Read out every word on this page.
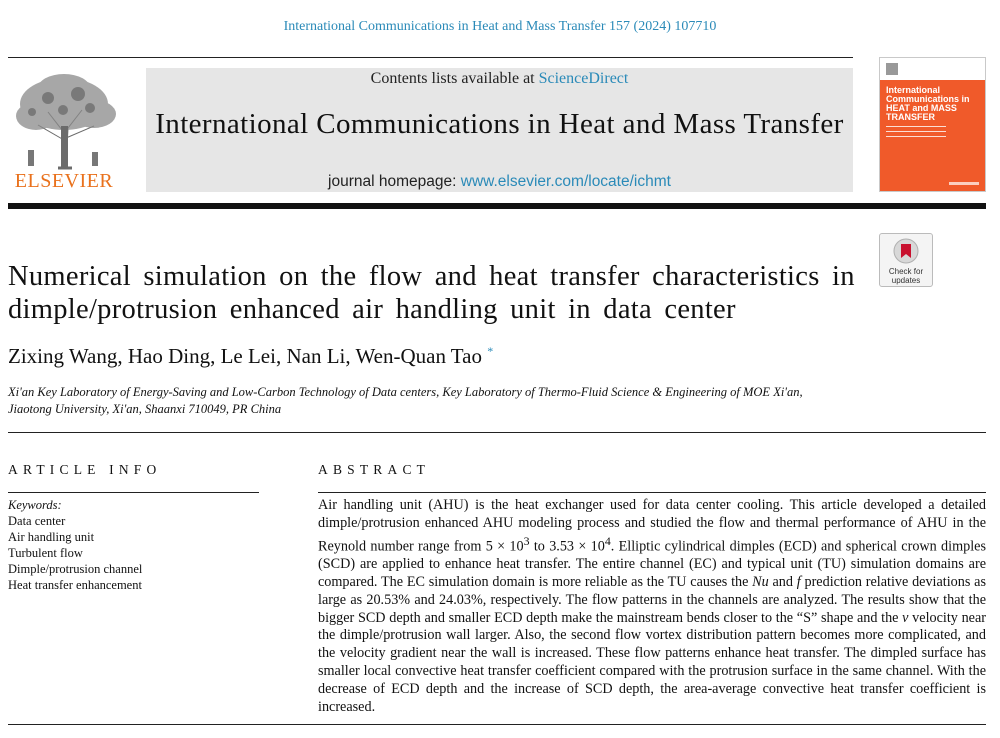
International Communications in Heat and Mass Transfer 157 (2024) 107710
ELSEVIER
Contents lists available at ScienceDirect
International Communications in Heat and Mass Transfer
journal homepage: www.elsevier.com/locate/ichmt
International Communications in HEAT and MASS TRANSFER
Check for updates
Numerical simulation on the flow and heat transfer characteristics in dimple/protrusion enhanced air handling unit in data center
Zixing Wang, Hao Ding, Le Lei, Nan Li, Wen-Quan Tao *
Xi'an Key Laboratory of Energy-Saving and Low-Carbon Technology of Data centers, Key Laboratory of Thermo-Fluid Science & Engineering of MOE Xi'an, Jiaotong University, Xi'an, Shaanxi 710049, PR China
ARTICLE INFO	ABSTRACT
Keywords:
Data center
Air handling unit
Turbulent flow
Dimple/protrusion channel
Heat transfer enhancement
Air handling unit (AHU) is the heat exchanger used for data center cooling. This article developed a detailed dimple/protrusion enhanced AHU modeling process and studied the flow and thermal performance of AHU in the Reynold number range from $5 \times 10^3$ to $3.53 \times 10^4$. Elliptic cylindrical dimples (ECD) and spherical crown dimples (SCD) are applied to enhance heat transfer. The entire channel (EC) and typical unit (TU) simulation domains are compared. The EC simulation domain is more reliable as the TU causes the Nu and f prediction relative deviations as large as 20.53% and 24.03%, respectively. The flow patterns in the channels are analyzed. The results show that the bigger SCD depth and smaller ECD depth make the mainstream bends closer to the “S” shape and the v velocity near the dimple/protrusion wall larger. Also, the second flow vortex distribution pattern becomes more complicated, and the velocity gradient near the wall is increased. These flow patterns enhance heat transfer. The dimpled surface has smaller local convective heat transfer coefficient compared with the protrusion surface in the same channel. With the decrease of ECD depth and the increase of SCD depth, the area-average convective heat transfer coefficient is increased.
